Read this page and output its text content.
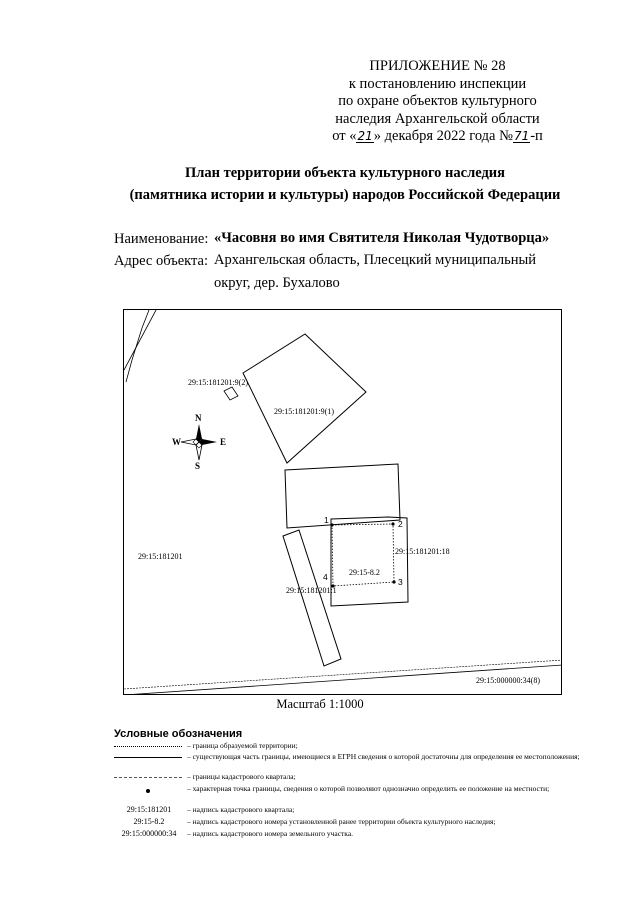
ПРИЛОЖЕНИЕ № 28
к постановлению инспекции
по охране объектов культурного
наследия Архангельской области
от «21» декабря 2022 года №71-п
План территории объекта культурного наследия
(памятника истории и культуры) народов Российской Федерации
Наименование: «Часовня во имя Святителя Николая Чудотворца»
Адрес объекта: Архангельская область, Плесецкий муниципальный
округ, дер. Бухалово
29:15:181201:9(2)
29:15:181201:9(1)
29:15:181201
29:15:181201:18
29:15:181201:1
29:15-8.2
29:15:000000:34(8)
1	2
3
4
N
S
W	E
Масштаб 1:1000
Условные обозначения
– граница образуемой территории;
– существующая часть границы, имеющиеся в ЕГРН сведения о которой достаточны для определения ее местоположения;
– границы кадастрового квартала;
– характерная точка границы, сведения о которой позволяют однозначно определить ее положение на местности;
29:15:181201	– надпись кадастрового квартала;
29:15-8.2	– надпись кадастрового номера установленной ранее территории объекта культурного наследия;
29:15:000000:34	– надпись кадастрового номера земельного участка.
